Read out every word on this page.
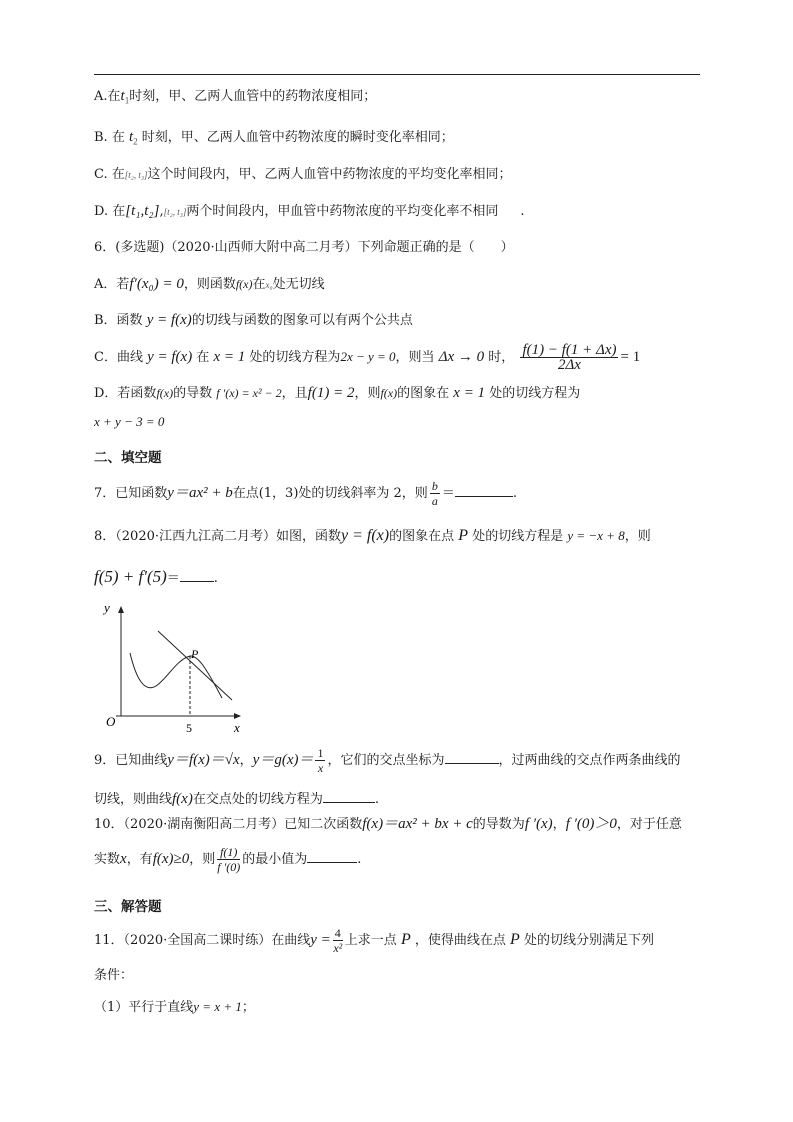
A.在$t_1$时刻，甲、乙两人血管中的药物浓度相同；
B. 在 $t_2$ 时刻，甲、乙两人血管中药物浓度的瞬时变化率相同；
C. 在[t₂, t₃]这个时间段内，甲、乙两人血管中药物浓度的平均变化率相同；
D. 在[t₁,t₂],[t₂, t₃]两个时间段内，甲血管中药物浓度的平均变化率不相同 .
6．(多选题)（2020·山西师大附中高二月考）下列命题正确的是（　　）
A．若f′(x₀) = 0，则函数f(x)在x₀处无切线
B．函数 y = f(x)的切线与函数的图象可以有两个公共点
C．曲线 y = f(x) 在 x = 1 处的切线方程为2x − y = 0，则当 Δx → 0 时， $\frac{f(1) - f(1 + \Delta x)}{2\Delta x} = 1$
D．若函数f(x)的导数 f ′(x) = x² − 2，且f(1) = 2，则f(x)的图象在 x = 1 处的切线方程为
x + y − 3 = 0
二、填空题
7．已知函数y＝ax² + b在点(1，3)处的切线斜率为 2，则 $\frac{b}{a}$ ＝	.
8．（2020·江西九江高二月考）如图，函数y = f(x)的图象在点 P 处的切线方程是 y = −x + 8，则
f(5) + f′(5)＝	.
y
x
O
P
5
9．已知曲线y＝f(x)＝√x，$y=g(x)= \frac{1}{x}$ ，它们的交点坐标为	，过两曲线的交点作两条曲线的
切线，则曲线f(x)在交点处的切线方程为	.
10．（2020·湖南衡阳高二月考）已知二次函数f(x)＝ax² + bx + c的导数为f ′(x)，f ′(0)＞0，对于任意
实数x，有f(x)≥0，则 $\frac{f(1)}{f '(0)}$ 的最小值为	.
三、解答题
11．（2020·全国高二课时练）在曲线$y = \frac{4}{\text{x²}}$ 上求一点 P ，使得曲线在点 P 处的切线分别满足下列
条件：
（1）平行于直线y = x + 1；
